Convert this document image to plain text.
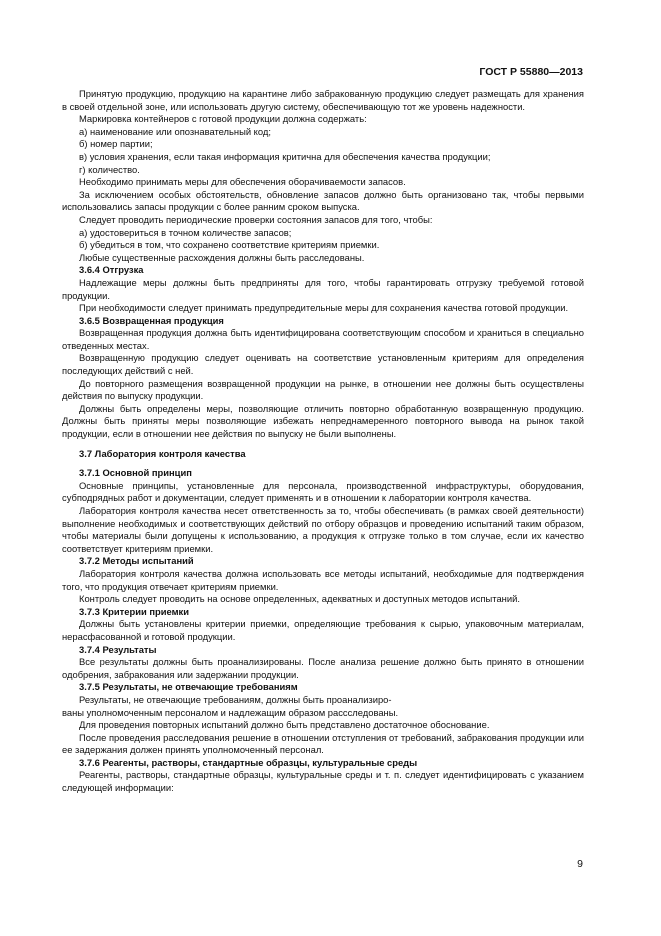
ГОСТ Р 55880—2013

Принятую продукцию, продукцию на карантине либо забракованную продукцию следует размещать для хранения в своей отдельной зоне, или использовать другую систему, обеспечивающую тот же уровень надежности.

Маркировка контейнеров с готовой продукции должна содержать:

а) наименование или опознавательный код;

б) номер партии;

в) условия хранения, если такая информация критична для обеспечения качества продукции;

г) количество.

Необходимо принимать меры для обеспечения оборачиваемости запасов.

За исключением особых обстоятельств, обновление запасов должно быть организовано так, чтобы первыми использовались запасы продукции с более ранним сроком выпуска.

Следует проводить периодические проверки состояния запасов для того, чтобы:

а) удостовериться в точном количестве запасов;

б) убедиться в том, что сохранено соответствие критериям приемки.

Любые существенные расхождения должны быть расследованы.

3.6.4 Отгрузка

Надлежащие меры должны быть предприняты для того, чтобы гарантировать отгрузку требуемой готовой продукции.

При необходимости следует принимать предупредительные меры для сохранения качества готовой продукции.

3.6.5 Возвращенная продукция

Возвращенная продукция должна быть идентифицирована соответствующим способом и храниться в специально отведенных местах.

Возвращенную продукцию следует оценивать на соответствие установленным критериям для определения последующих действий с ней.

До повторного размещения возвращенной продукции на рынке, в отношении нее должны быть осуществлены действия по выпуску продукции.

Должны быть определены меры, позволяющие отличить повторно обработанную возвращенную продукцию. Должны быть приняты меры позволяющие избежать непреднамеренного повторного вывода на рынок такой продукции, если в отношении нее действия по выпуску не были выполнены.

3.7 Лаборатория контроля качества

3.7.1 Основной принцип

Основные принципы, установленные для персонала, производственной инфраструктуры, оборудования, субподрядных работ и документации, следует применять и в отношении к лаборатории контроля качества.

Лаборатория контроля качества несет ответственность за то, чтобы обеспечивать (в рамках своей деятельности) выполнение необходимых и соответствующих действий по отбору образцов и проведению испытаний таким образом, чтобы материалы были допущены к использованию, а продукция к отгрузке только в том случае, если их качество соответствует критериям приемки.

3.7.2 Методы испытаний

Лаборатория контроля качества должна использовать все методы испытаний, необходимые для подтверждения того, что продукция отвечает критериям приемки.

Контроль следует проводить на основе определенных, адекватных и доступных методов испытаний.

3.7.3 Критерии приемки

Должны быть установлены критерии приемки, определяющие требования к сырью, упаковочным материалам, нерасфасованной и готовой продукции.

3.7.4 Результаты

Все результаты должны быть проанализированы. После анализа решение должно быть принято в отношении одобрения, забракования или задержании продукции.

3.7.5 Результаты, не отвечающие требованиям

Результаты, не отвечающие требованиям, должны быть проанализиро-

ваны уполномоченным персоналом и надлежащим образом рассследованы.

Для проведения повторных испытаний должно быть представлено достаточное обоснование.

После проведения расследования решение в отношении отступления от требований, забракования продукции или ее задержания должен принять уполномоченный персонал.

3.7.6 Реагенты, растворы, стандартные образцы, культуральные среды

Реагенты, растворы, стандартные образцы, культуральные среды и т. п. следует идентифицировать с указанием следующей информации:

9
